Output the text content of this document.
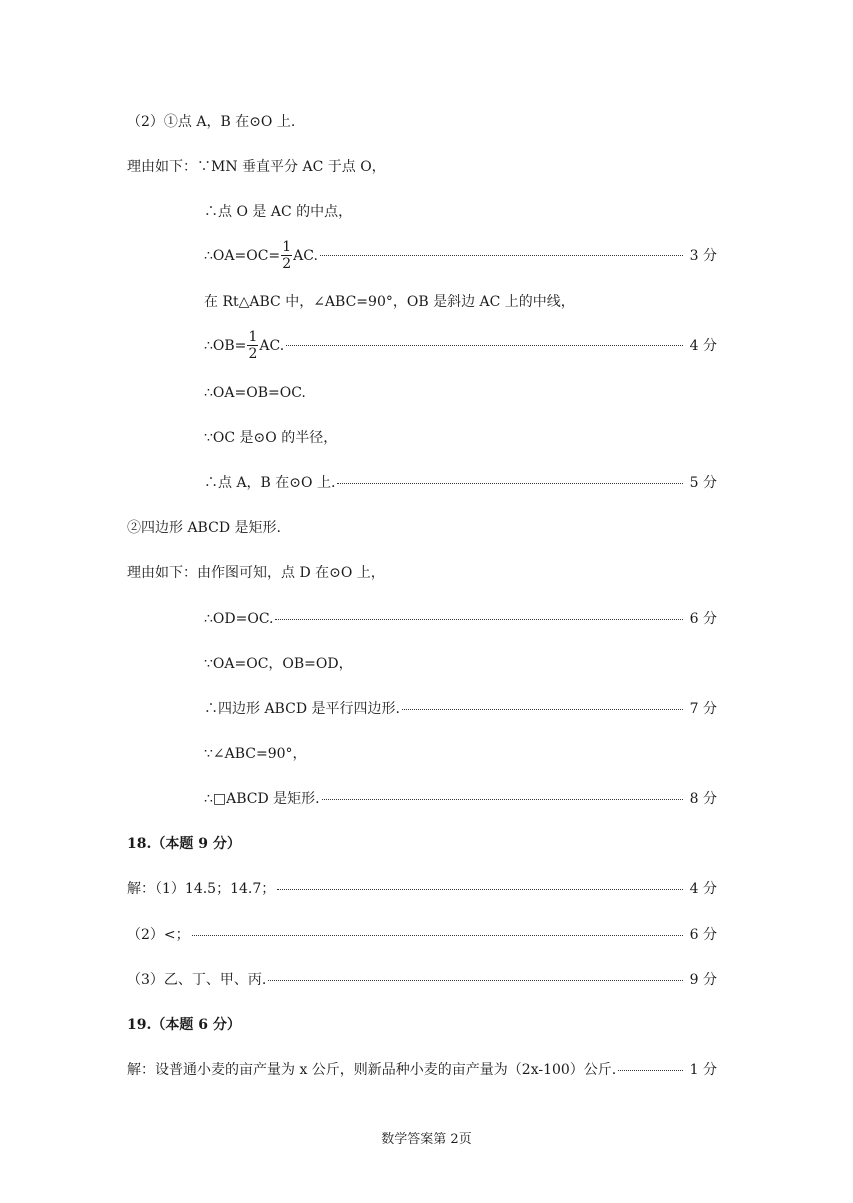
（2）①点 A，B 在⊙O 上.
理由如下：∵MN 垂直平分 AC 于点 O，
∴点 O 是 AC 的中点，
∴OA=OC= $\frac{1}{2}$ AC.	3 分
在 Rt△ABC 中，∠ABC=90°，OB 是斜边 AC 上的中线，
∴OB= $\frac{1}{2}$ AC.	4 分
∴OA=OB=OC.
∵OC 是⊙O 的半径，
∴点 A，B 在⊙O 上.	5 分
②四边形 ABCD 是矩形.
理由如下：由作图可知，点 D 在⊙O 上，
∴OD=OC.	6 分
∵OA=OC，OB=OD，
∴四边形 ABCD 是平行四边形.	7 分
∵∠ABC=90°，
∴□ABCD 是矩形.	8 分
18.（本题 9 分）
解：（1）14.5；14.7；	4 分
（2）<；	6 分
（3）乙、丁、甲、丙.	9 分
19.（本题 6 分）
解：设普通小麦的亩产量为 x 公斤，则新品种小麦的亩产量为（2x-100）公斤.	1 分
数学答案第 2页
